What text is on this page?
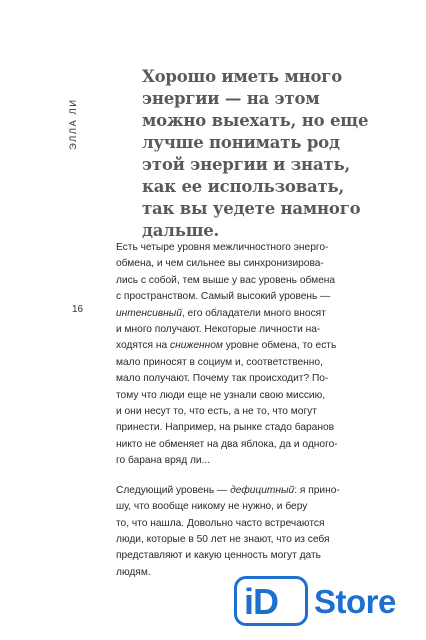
Хорошо иметь много
энергии — на этом
можно выехать, но еще
лучше понимать род
этой энергии и знать,
как ее использовать,
так вы уедете намного
дальше.
ЭЛЛА ЛИ
16
Есть четыре уровня межличностного энерго-
обмена, и чем сильнее вы синхронизирова-
лись с собой, тем выше у вас уровень обмена
с пространством. Самый высокий уровень —
интенсивный, его обладатели много вносят
и много получают. Некоторые личности на-
ходятся на сниженном уровне обмена, то есть
мало приносят в социум и, соответственно,
мало получают. Почему так происходит? По-
тому что люди еще не узнали свою миссию,
и они несут то, что есть, а не то, что могут
принести. Например, на рынке стадо баранов
никто не обменяет на два яблока, да и одного-
го барана вряд ли...
Следующий уровень — дефицитный: я прино-
шу, что вообще никому не нужно, и беру
то, что нашла. Довольно часто встречаются
люди, которые в 50 лет не знают, что из себя
представляют и какую ценность могут дать
людям.
iD Store
